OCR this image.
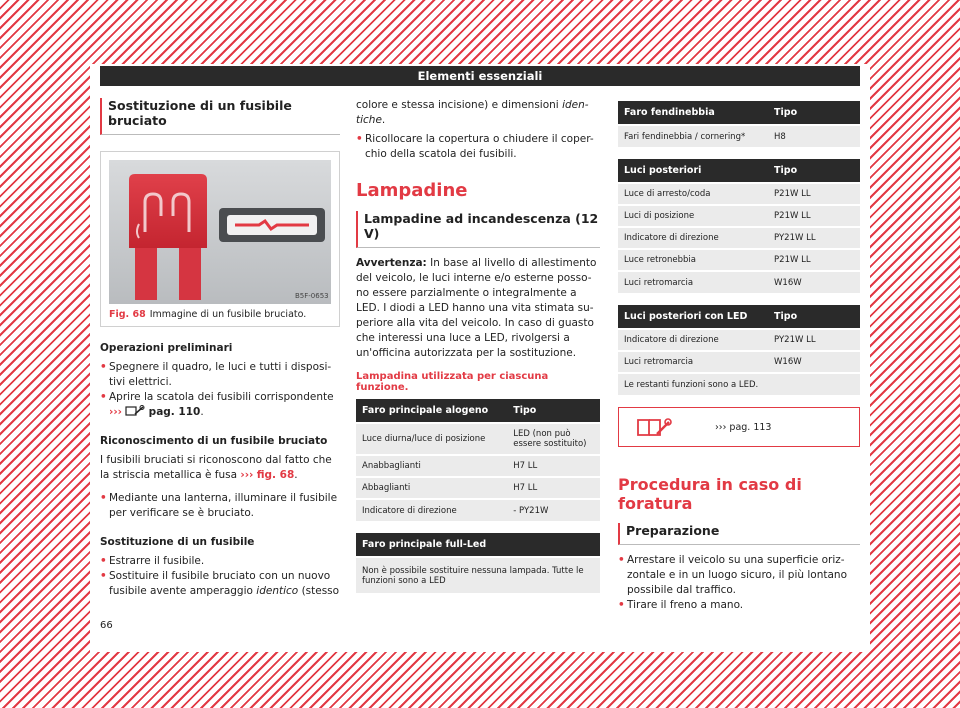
Elementi essenziali
Sostituzione di un fusibile bruciato
B5F-0653
Fig. 68 Immagine di un fusibile bruciato.

Operazioni preliminari

• Spegnere il quadro, le luci e tutti i disposi-tivi elettrici.

• Aprire la scatola dei fusibili corrispondente
›››	pag. 110.

Riconoscimento di un fusibile bruciato

I fusibili bruciati si riconoscono dal fatto che la striscia metallica è fusa ››› fig. 68.

• Mediante una lanterna, illuminare il fusibile per verificare se è bruciato.

Sostituzione di un fusibile

• Estrarre il fusibile.

• Sostituire il fusibile bruciato con un nuovo fusibile avente amperaggio identico (stesso

colore e stessa incisione) e dimensioni iden-tiche.

• Ricollocare la copertura o chiudere il coper-chio della scatola dei fusibili.

Lampadine
Lampadine ad incandescenza (12 V)

Avvertenza: In base al livello di allestimento del veicolo, le luci interne e/o esterne posso-no essere parzialmente o integralmente a LED. I diodi a LED hanno una vita stimata su-periore alla vita del veicolo. In caso di guasto che interessi una luce a LED, rivolgersi a un'officina autorizzata per la sostituzione.

Lampadina utilizzata per ciascuna funzione.
Faro principale alogeno	Tipo
Luce diurna/luce di posizione	LED (non può essere sostituito)
Anabbaglianti	H7 LL
Abbaglianti	H7 LL
Indicatore di direzione	- PY21W
Faro principale full-Led
Non è possibile sostituire nessuna lampada. Tutte le funzioni sono a LED
Faro fendinebbia	Tipo
Fari fendinebbia / cornering*	H8
Luci posteriori	Tipo
Luce di arresto/coda	P21W LL
Luci di posizione	P21W LL
Indicatore di direzione	PY21W LL
Luce retronebbia	P21W LL
Luci retromarcia	W16W
Luci posteriori con LED	Tipo
Indicatore di direzione	PY21W LL
Luci retromarcia	W16W
Le restanti funzioni sono a LED.	
››› pag. 113
Procedura in caso di foratura
Preparazione

• Arrestare il veicolo su una superficie oriz-zontale e in un luogo sicuro, il più lontano possibile dal traffico.

• Tirare il freno a mano.

66
